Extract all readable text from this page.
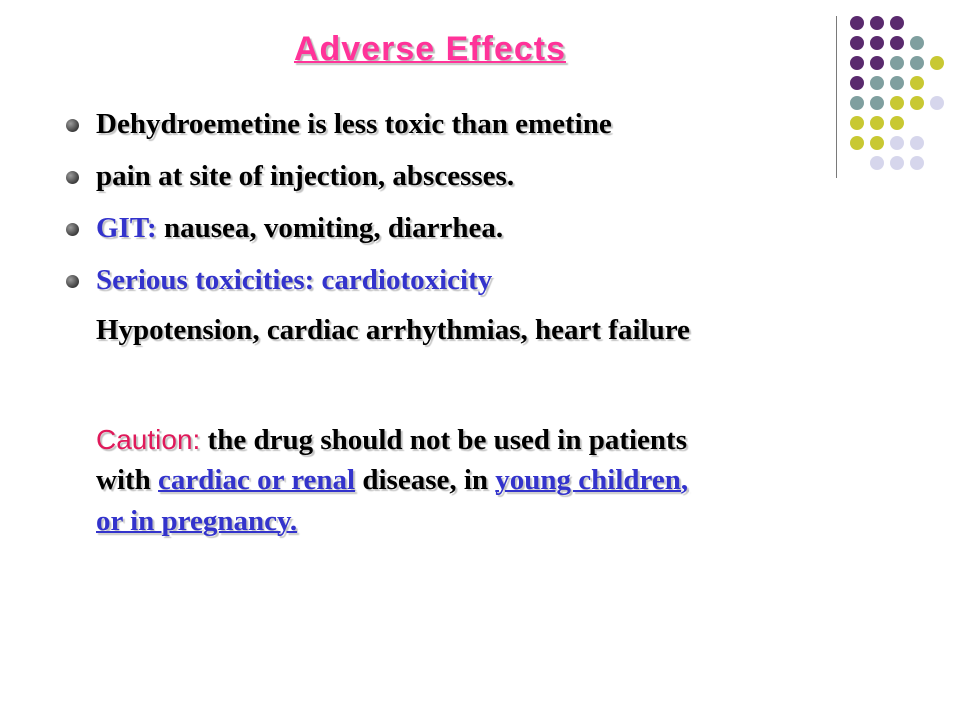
Adverse Effects
Dehydroemetine is less toxic than emetine
pain at site of injection, abscesses.
GIT: nausea, vomiting, diarrhea.
Serious toxicities: cardiotoxicity
Hypotension, cardiac arrhythmias, heart failure
Caution: the drug should not be used in patients
with cardiac or renal disease, in young children,
or in pregnancy.
